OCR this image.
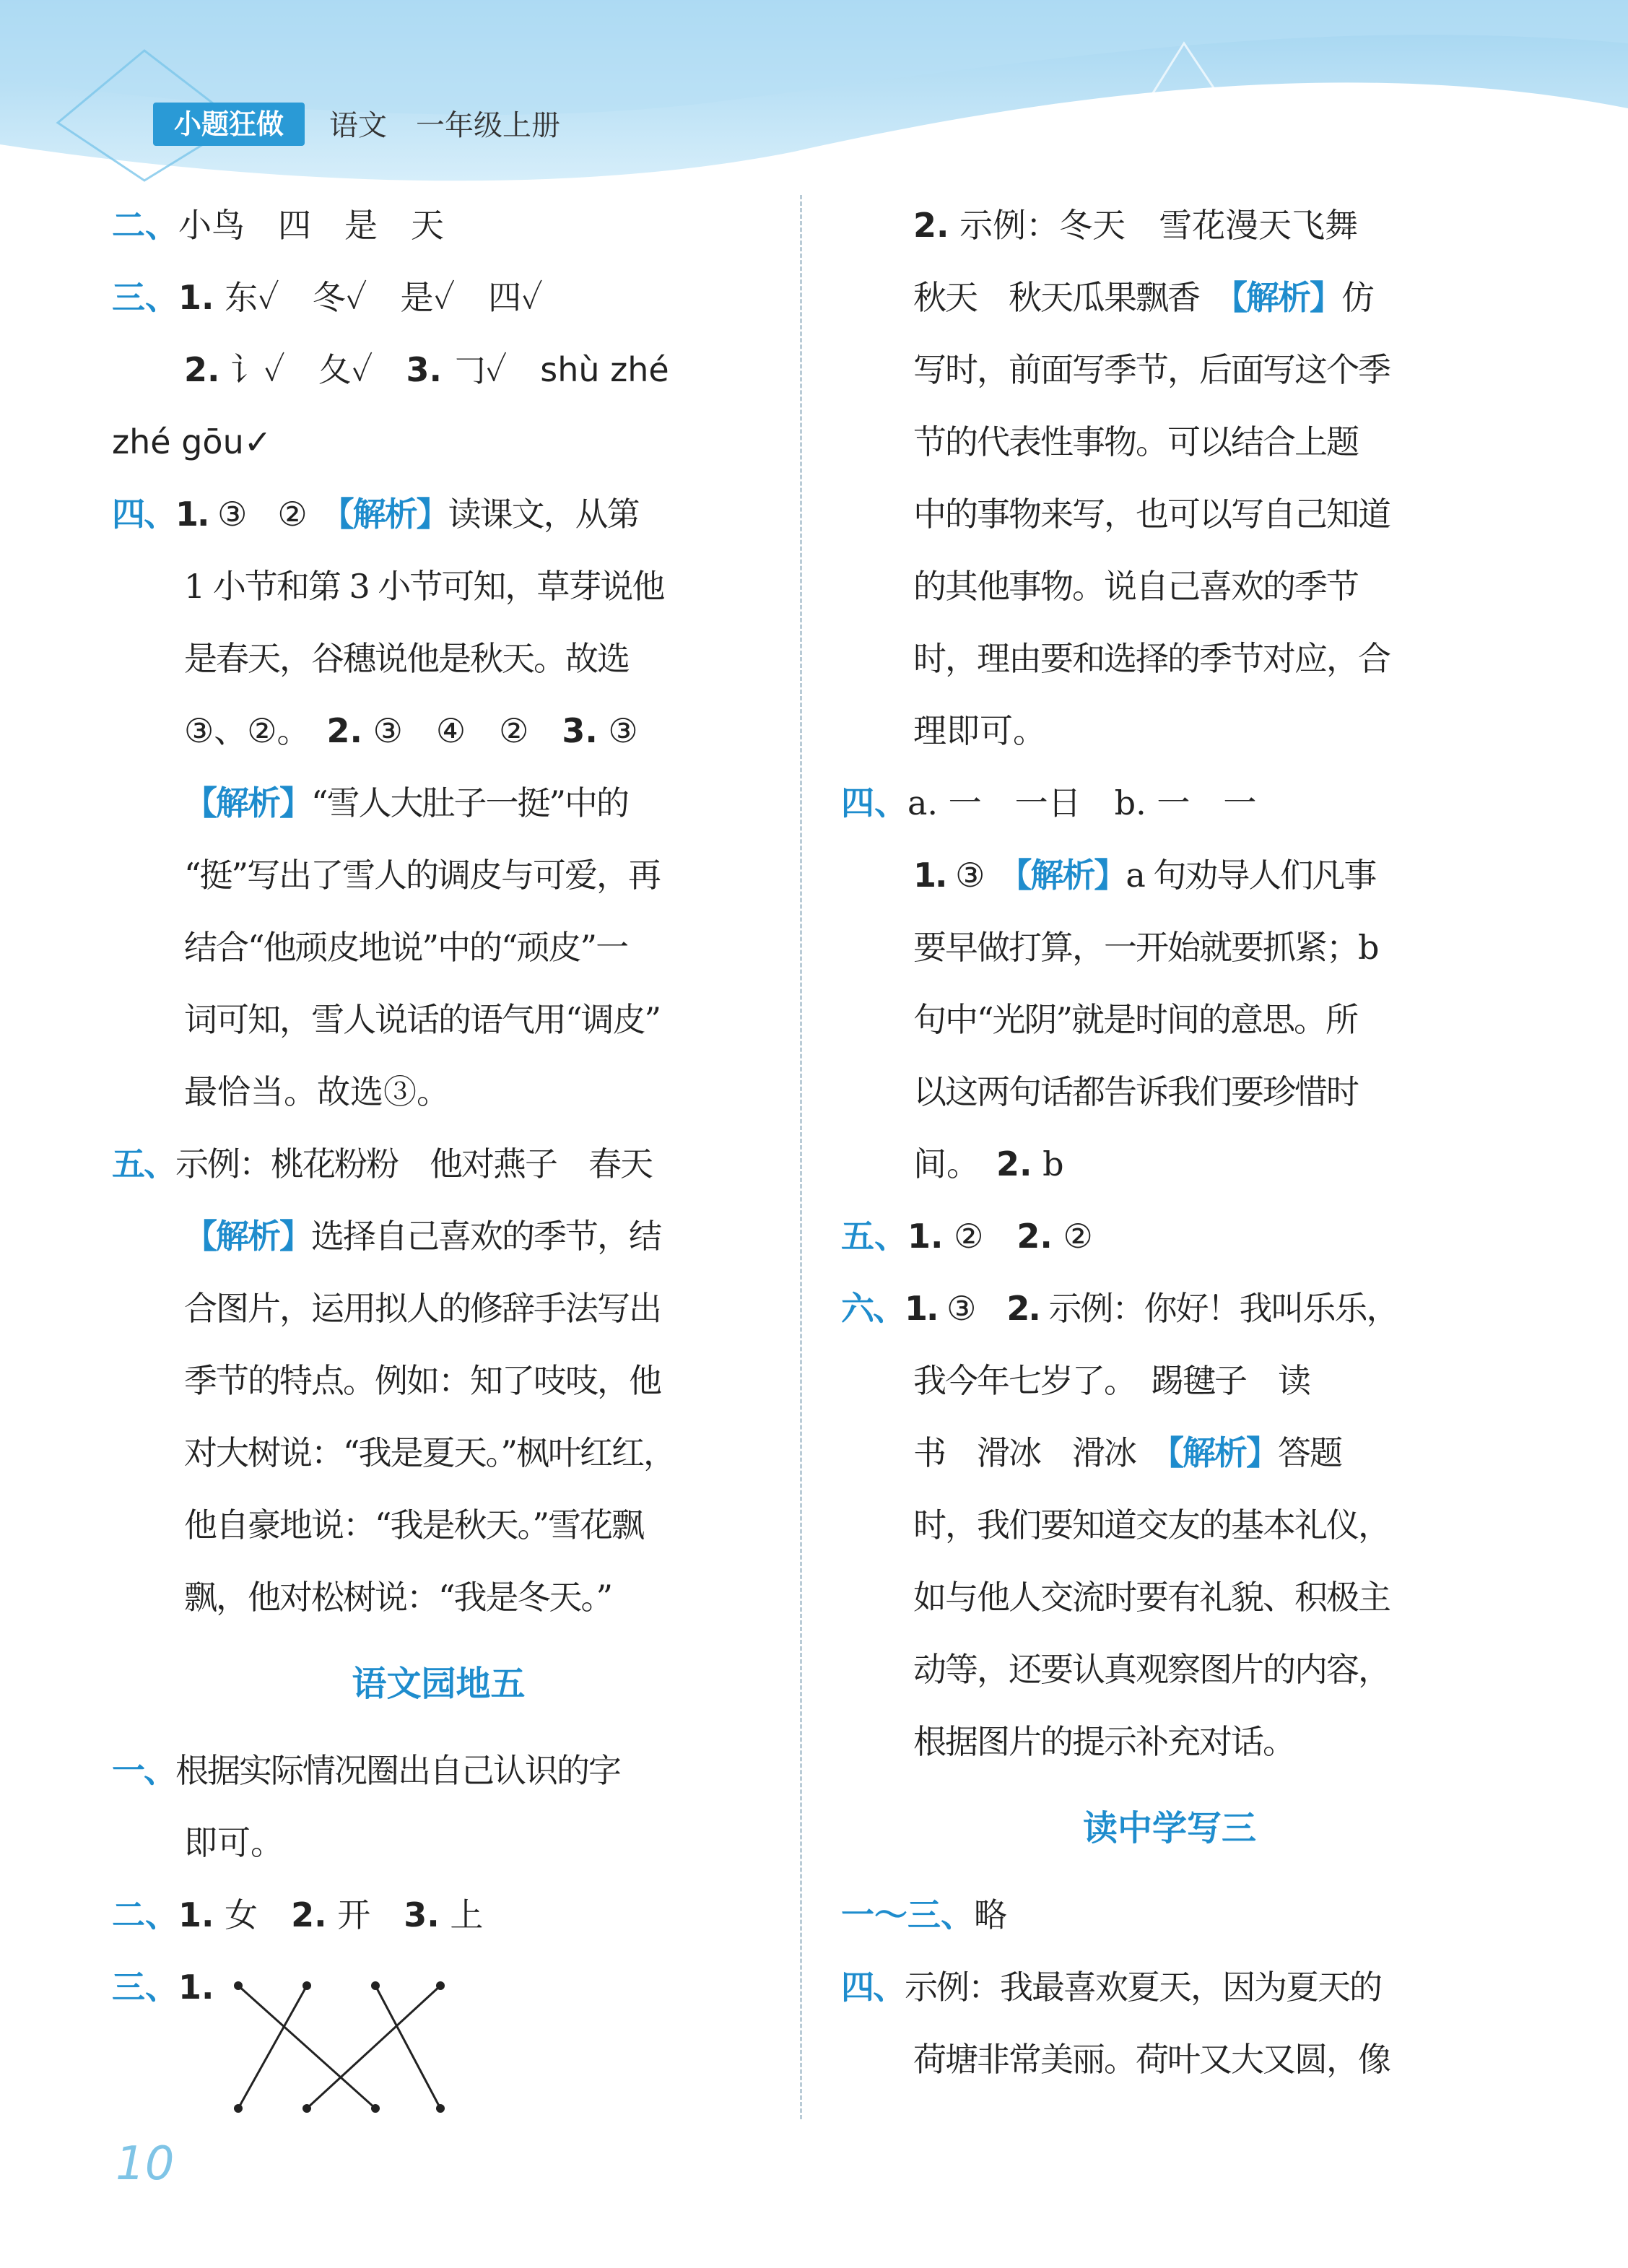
小题狂做	语文　 一年级上册
二、小鸟　四　是　天
三、1. 东✓　冬✓　是✓　四✓
2. 讠✓　夂✓　3. 𠃌✓　shù zhé
zhé gōu✓
四、1. ③　②　【解析】读课文，从第
1 小节和第 3 小节可知，草芽说他
是春天，谷穗说他是秋天。故选
③、②。　2. ③　④　②　3. ③
【解析】“雪人大肚子一挺”中的
“挺”写出了雪人的调皮与可爱，再
结合“他顽皮地说”中的“顽皮”一
词可知，雪人说话的语气用“调皮”
最恰当。故选③。
五、示例：桃花粉粉　他对燕子　春天
【解析】选择自己喜欢的季节，结
合图片，运用拟人的修辞手法写出
季节的特点。例如：知了吱吱，他
对大树说：“我是夏天。”枫叶红红，
他自豪地说：“我是秋天。”雪花飘
飘，他对松树说：“我是冬天。”
语文园地五
一、根据实际情况圈出自己认识的字
即可。
二、1. 女　2. 开　3. 上
三、1.
2. 示例：冬天　雪花漫天飞舞
秋天　秋天瓜果飘香　【解析】仿
写时，前面写季节，后面写这个季
节的代表性事物。可以结合上题
中的事物来写，也可以写自己知道
的其他事物。说自己喜欢的季节
时，理由要和选择的季节对应，合
理即可。
四、a. 一　一日　b. 一　一
1. ③　【解析】a 句劝导人们凡事
要早做打算，一开始就要抓紧；b
句中“光阴”就是时间的意思。所
以这两句话都告诉我们要珍惜时
间。　2. b
五、1. ②　2. ②
六、1. ③　2. 示例：你好！我叫乐乐，
我今年七岁了。　踢毽子　读
书　滑冰　滑冰　【解析】答题
时，我们要知道交友的基本礼仪，
如与他人交流时要有礼貌、积极主
动等，还要认真观察图片的内容，
根据图片的提示补充对话。
读中学写三
一～三、略
四、示例：我最喜欢夏天，因为夏天的
荷塘非常美丽。荷叶又大又圆，像
10
